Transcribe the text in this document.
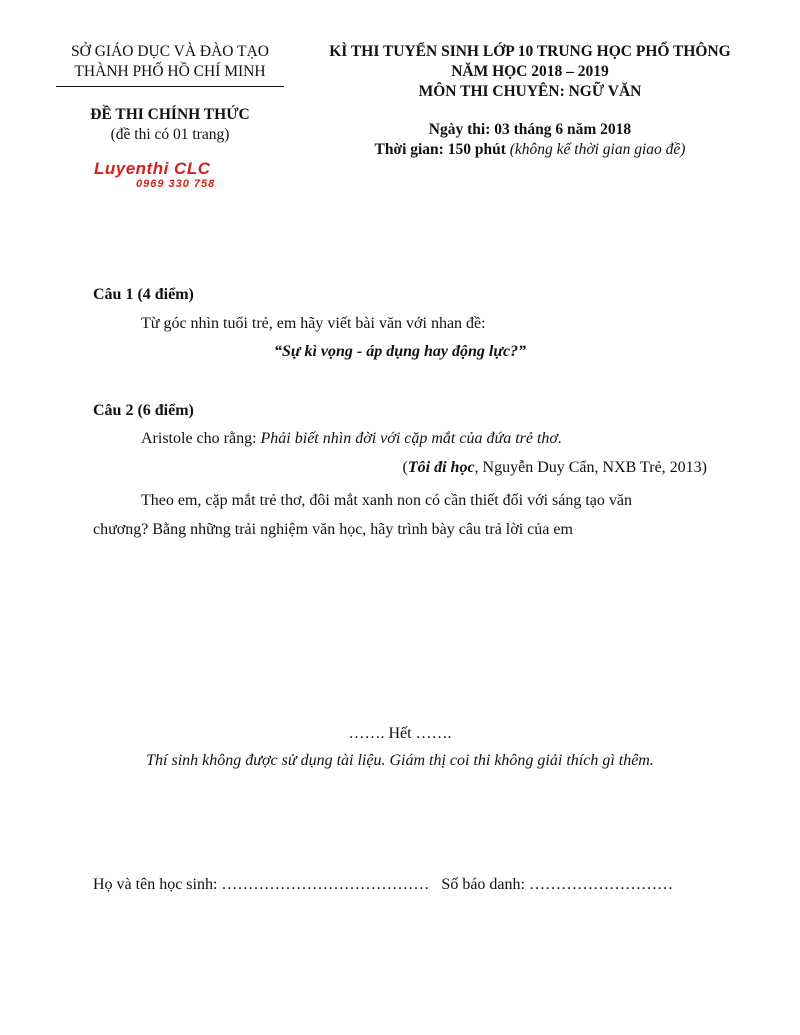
SỞ GIÁO DỤC VÀ ĐÀO TẠO
THÀNH PHỐ HỒ CHÍ MINH
ĐỀ THI CHÍNH THỨC
(đề thi có 01 trang)
Luyenthi CLC
0969 330 758
KÌ THI TUYỂN SINH LỚP 10 TRUNG HỌC PHỔ THÔNG
NĂM HỌC 2018 – 2019
MÔN THI CHUYÊN: NGỮ VĂN
Ngày thi: 03 tháng 6 năm 2018
Thời gian: 150 phút (không kể thời gian giao đề)
Câu 1 (4 điểm)
Từ góc nhìn tuổi trẻ, em hãy viết bài văn với nhan đề:
“Sự kì vọng - áp dụng hay động lực?”
Câu 2 (6 điểm)
Aristole cho rằng: Phải biết nhìn đời với cặp mắt của đứa trẻ thơ.
(Tôi đi học, Nguyễn Duy Cẩn, NXB Trẻ, 2013)
Theo em, cặp mắt trẻ thơ, đôi mắt xanh non có cần thiết đối với sáng tạo văn
chương? Bằng những trải nghiệm văn học, hãy trình bày câu trả lời của em
……. Hết …….
Thí sinh không được sử dụng tài liệu. Giám thị coi thi không giải thích gì thêm.
Họ và tên học sinh: ………………………………… Số báo danh: ………………………
